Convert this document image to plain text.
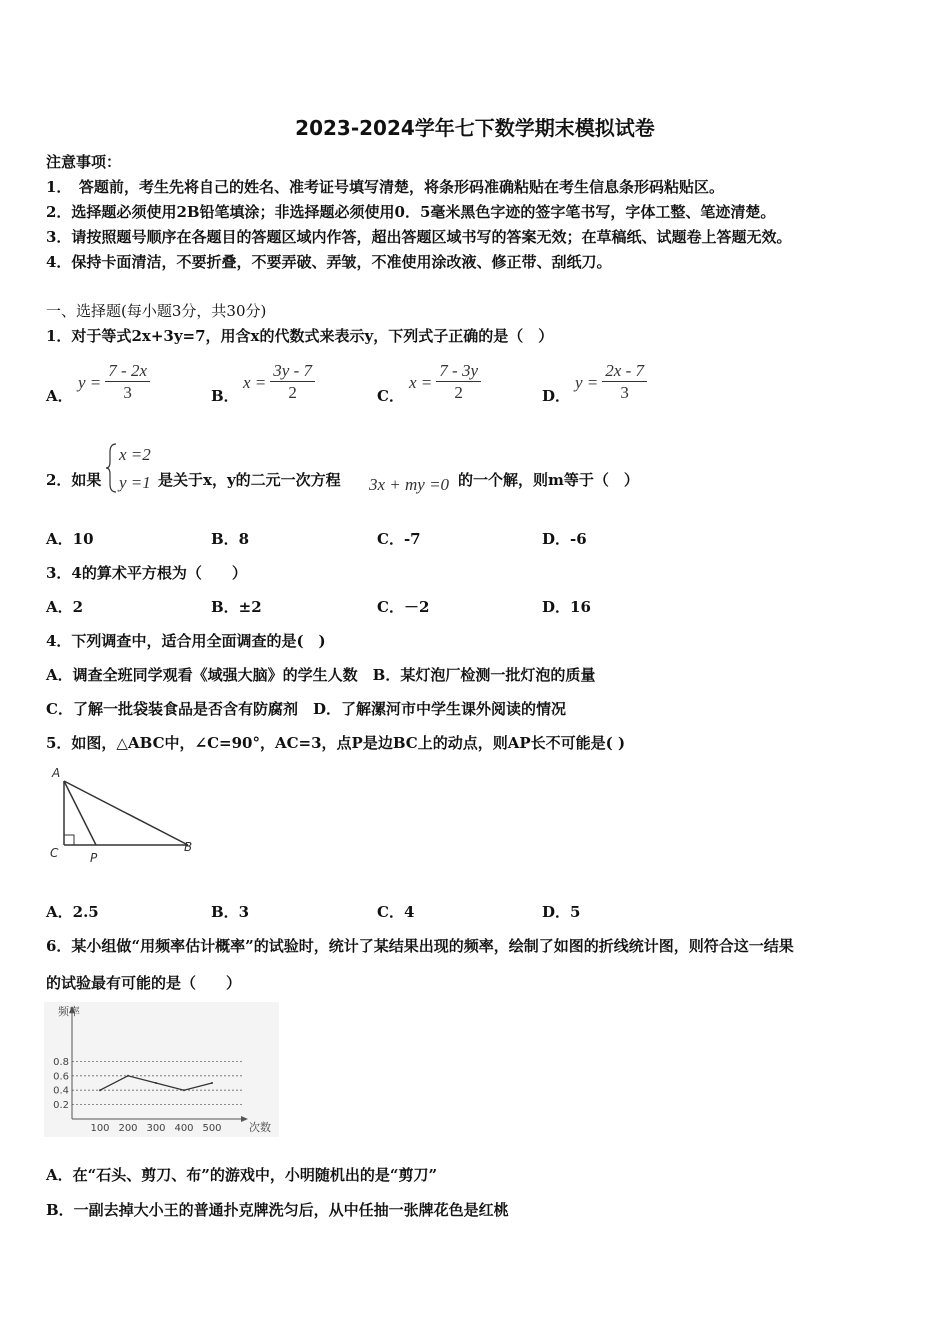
2023-2024学年七下数学期末模拟试卷
注意事项：
1．　答题前，考生先将自己的姓名、准考证号填写清楚，将条形码准确粘贴在考生信息条形码粘贴区。
2．选择题必须使用2B铅笔填涂；非选择题必须使用0．5毫米黑色字迹的签字笔书写，字体工整、笔迹清楚。
3．请按照题号顺序在各题目的答题区域内作答，超出答题区域书写的答案无效；在草稿纸、试题卷上答题无效。
4．保持卡面清洁，不要折叠，不要弄破、弄皱，不准使用涂改液、修正带、刮纸刀。
一、选择题(每小题3分，共30分)
1．对于等式2x+3y=7，用含x的代数式来表示y，下列式子正确的是（　）
A．
$y = \frac{7 - 2x}{3}$	B．
$x = \frac{3y - 7}{2}$	C．
$x = \frac{7 - 3y}{2}$	D．
$y = \frac{2x - 7}{3}$
2．如果
x =2
y =1 是关于x，y的二元一次方程 3x + my =0 的一个解，则m等于（　）
A．10	B．8	C．-7	D．-6
3．4的算术平方根为（　　）
A．2	B．±2	C．－2	D．16
4．下列调查中，适合用全面调查的是(　)
A．调查全班同学观看《域强大脑》的学生人数　B．某灯泡厂检测一批灯泡的质量
C．了解一批袋装食品是否含有防腐剂　D．了解漯河市中学生课外阅读的情况
5．如图，△ABC中，∠C=90°，AC=3，点P是边BC上的动点，则AP长不可能是( )
A
C	P
B
A．2.5	B．3	C．4	D．5
6．某小组做“用频率估计概率”的试验时，统计了某结果出现的频率，绘制了如图的折线统计图，则符合这一结果
的试验最有可能的是（　　）
频率
次数
0.8
0.6
0.4
0.2
100 200 300 400 500
A．在“石头、剪刀、布”的游戏中，小明随机出的是“剪刀”
B．一副去掉大小王的普通扑克牌洗匀后，从中任抽一张牌花色是红桃
